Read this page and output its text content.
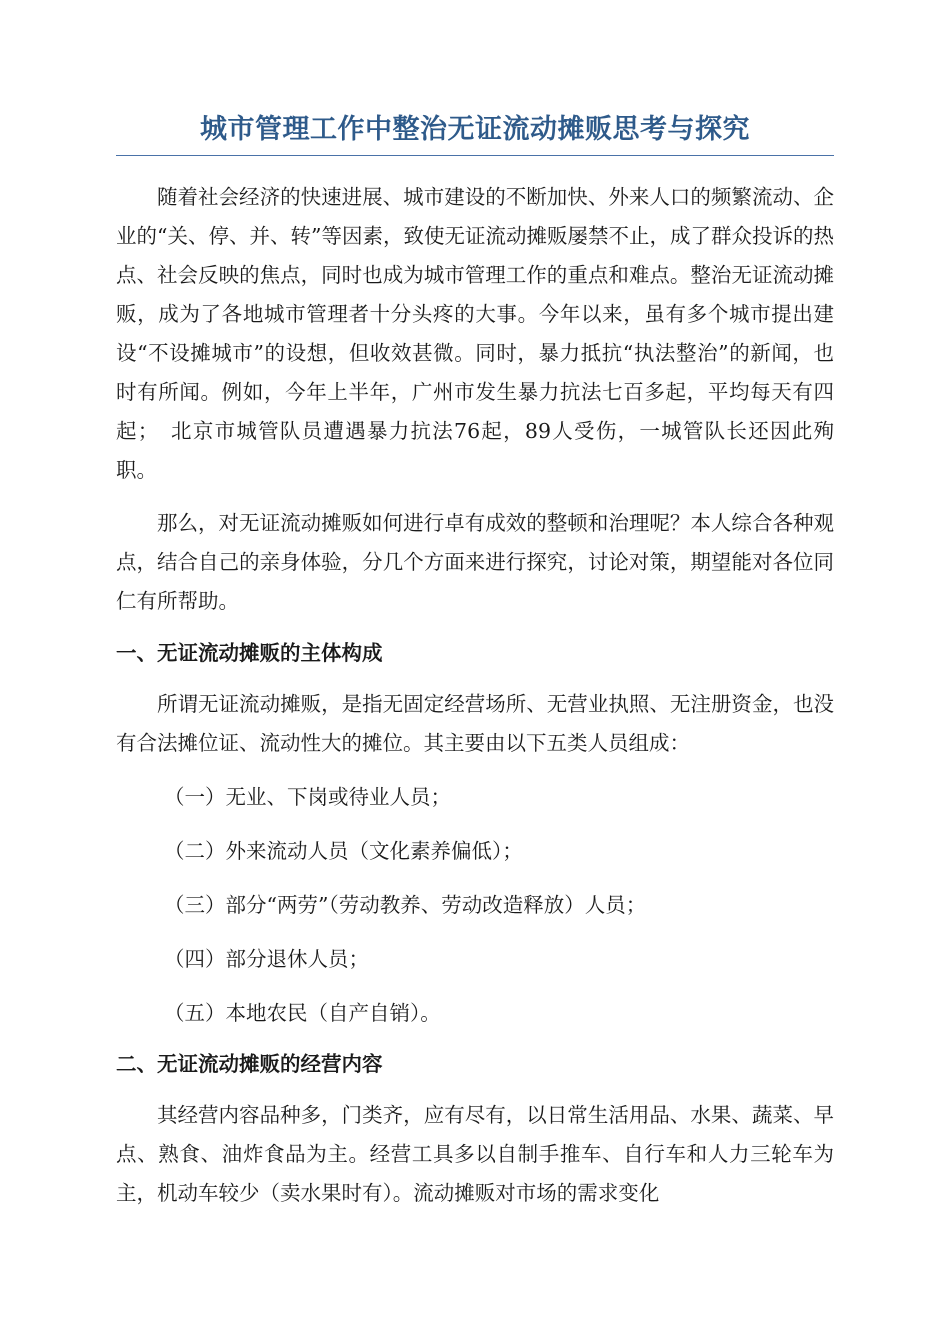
城市管理工作中整治无证流动摊贩思考与探究

随着社会经济的快速进展、城市建设的不断加快、外来人口的频繁流动、企业的“关、停、并、转”等因素，致使无证流动摊贩屡禁不止，成了群众投诉的热点、社会反映的焦点，同时也成为城市管理工作的重点和难点。整治无证流动摊贩，成为了各地城市管理者十分头疼的大事。今年以来，虽有多个城市提出建设“不设摊城市”的设想，但收效甚微。同时，暴力抵抗“执法整治”的新闻，也时有所闻。例如，今年上半年，广州市发生暴力抗法七百多起，平均每天有四起；　北京市城管队员遭遇暴力抗法76起，89人受伤，一城管队长还因此殉职。

那么，对无证流动摊贩如何进行卓有成效的整顿和治理呢？本人综合各种观点，结合自己的亲身体验，分几个方面来进行探究，讨论对策，期望能对各位同仁有所帮助。

一、无证流动摊贩的主体构成

所谓无证流动摊贩，是指无固定经营场所、无营业执照、无注册资金，也没有合法摊位证、流动性大的摊位。其主要由以下五类人员组成：

（一）无业、下岗或待业人员；
（二）外来流动人员（文化素养偏低）；
（三）部分“两劳”（劳动教养、劳动改造释放）人员；
（四）部分退休人员；
（五）本地农民（自产自销）。
二、无证流动摊贩的经营内容

其经营内容品种多，门类齐，应有尽有，以日常生活用品、水果、蔬菜、早点、熟食、油炸食品为主。经营工具多以自制手推车、自行车和人力三轮车为主，机动车较少（卖水果时有）。流动摊贩对市场的需求变化
